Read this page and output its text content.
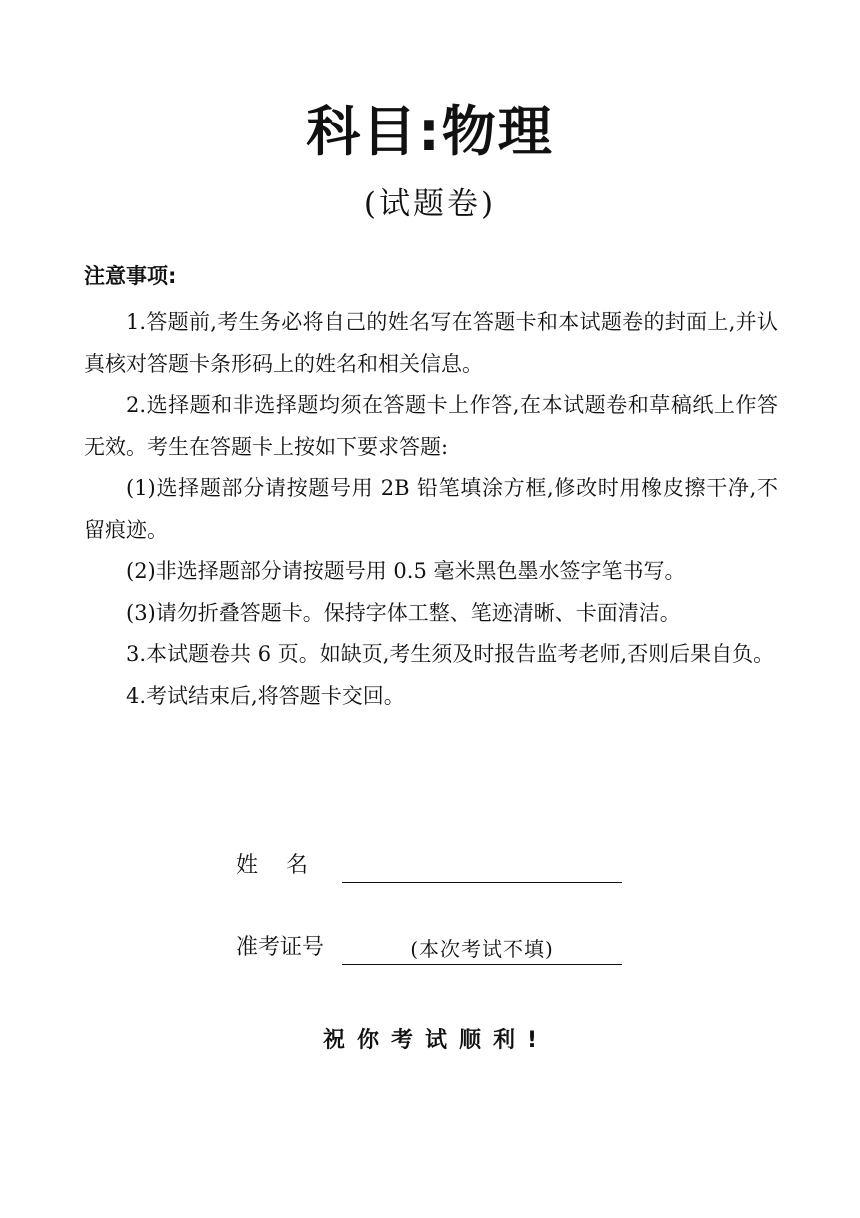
科目:物理
(试题卷)
注意事项:

1.答题前,考生务必将自己的姓名写在答题卡和本试题卷的封面上,并认真核对答题卡条形码上的姓名和相关信息。

2.选择题和非选择题均须在答题卡上作答,在本试题卷和草稿纸上作答无效。考生在答题卡上按如下要求答题:

(1)选择题部分请按题号用 2B 铅笔填涂方框,修改时用橡皮擦干净,不留痕迹。

(2)非选择题部分请按题号用 0.5 毫米黑色墨水签字笔书写。

(3)请勿折叠答题卡。保持字体工整、笔迹清晰、卡面清洁。

3.本试题卷共 6 页。如缺页,考生须及时报告监考老师,否则后果自负。

4.考试结束后,将答题卡交回。

姓    名
准考证号	(本次考试不填)
祝你考试顺利!
